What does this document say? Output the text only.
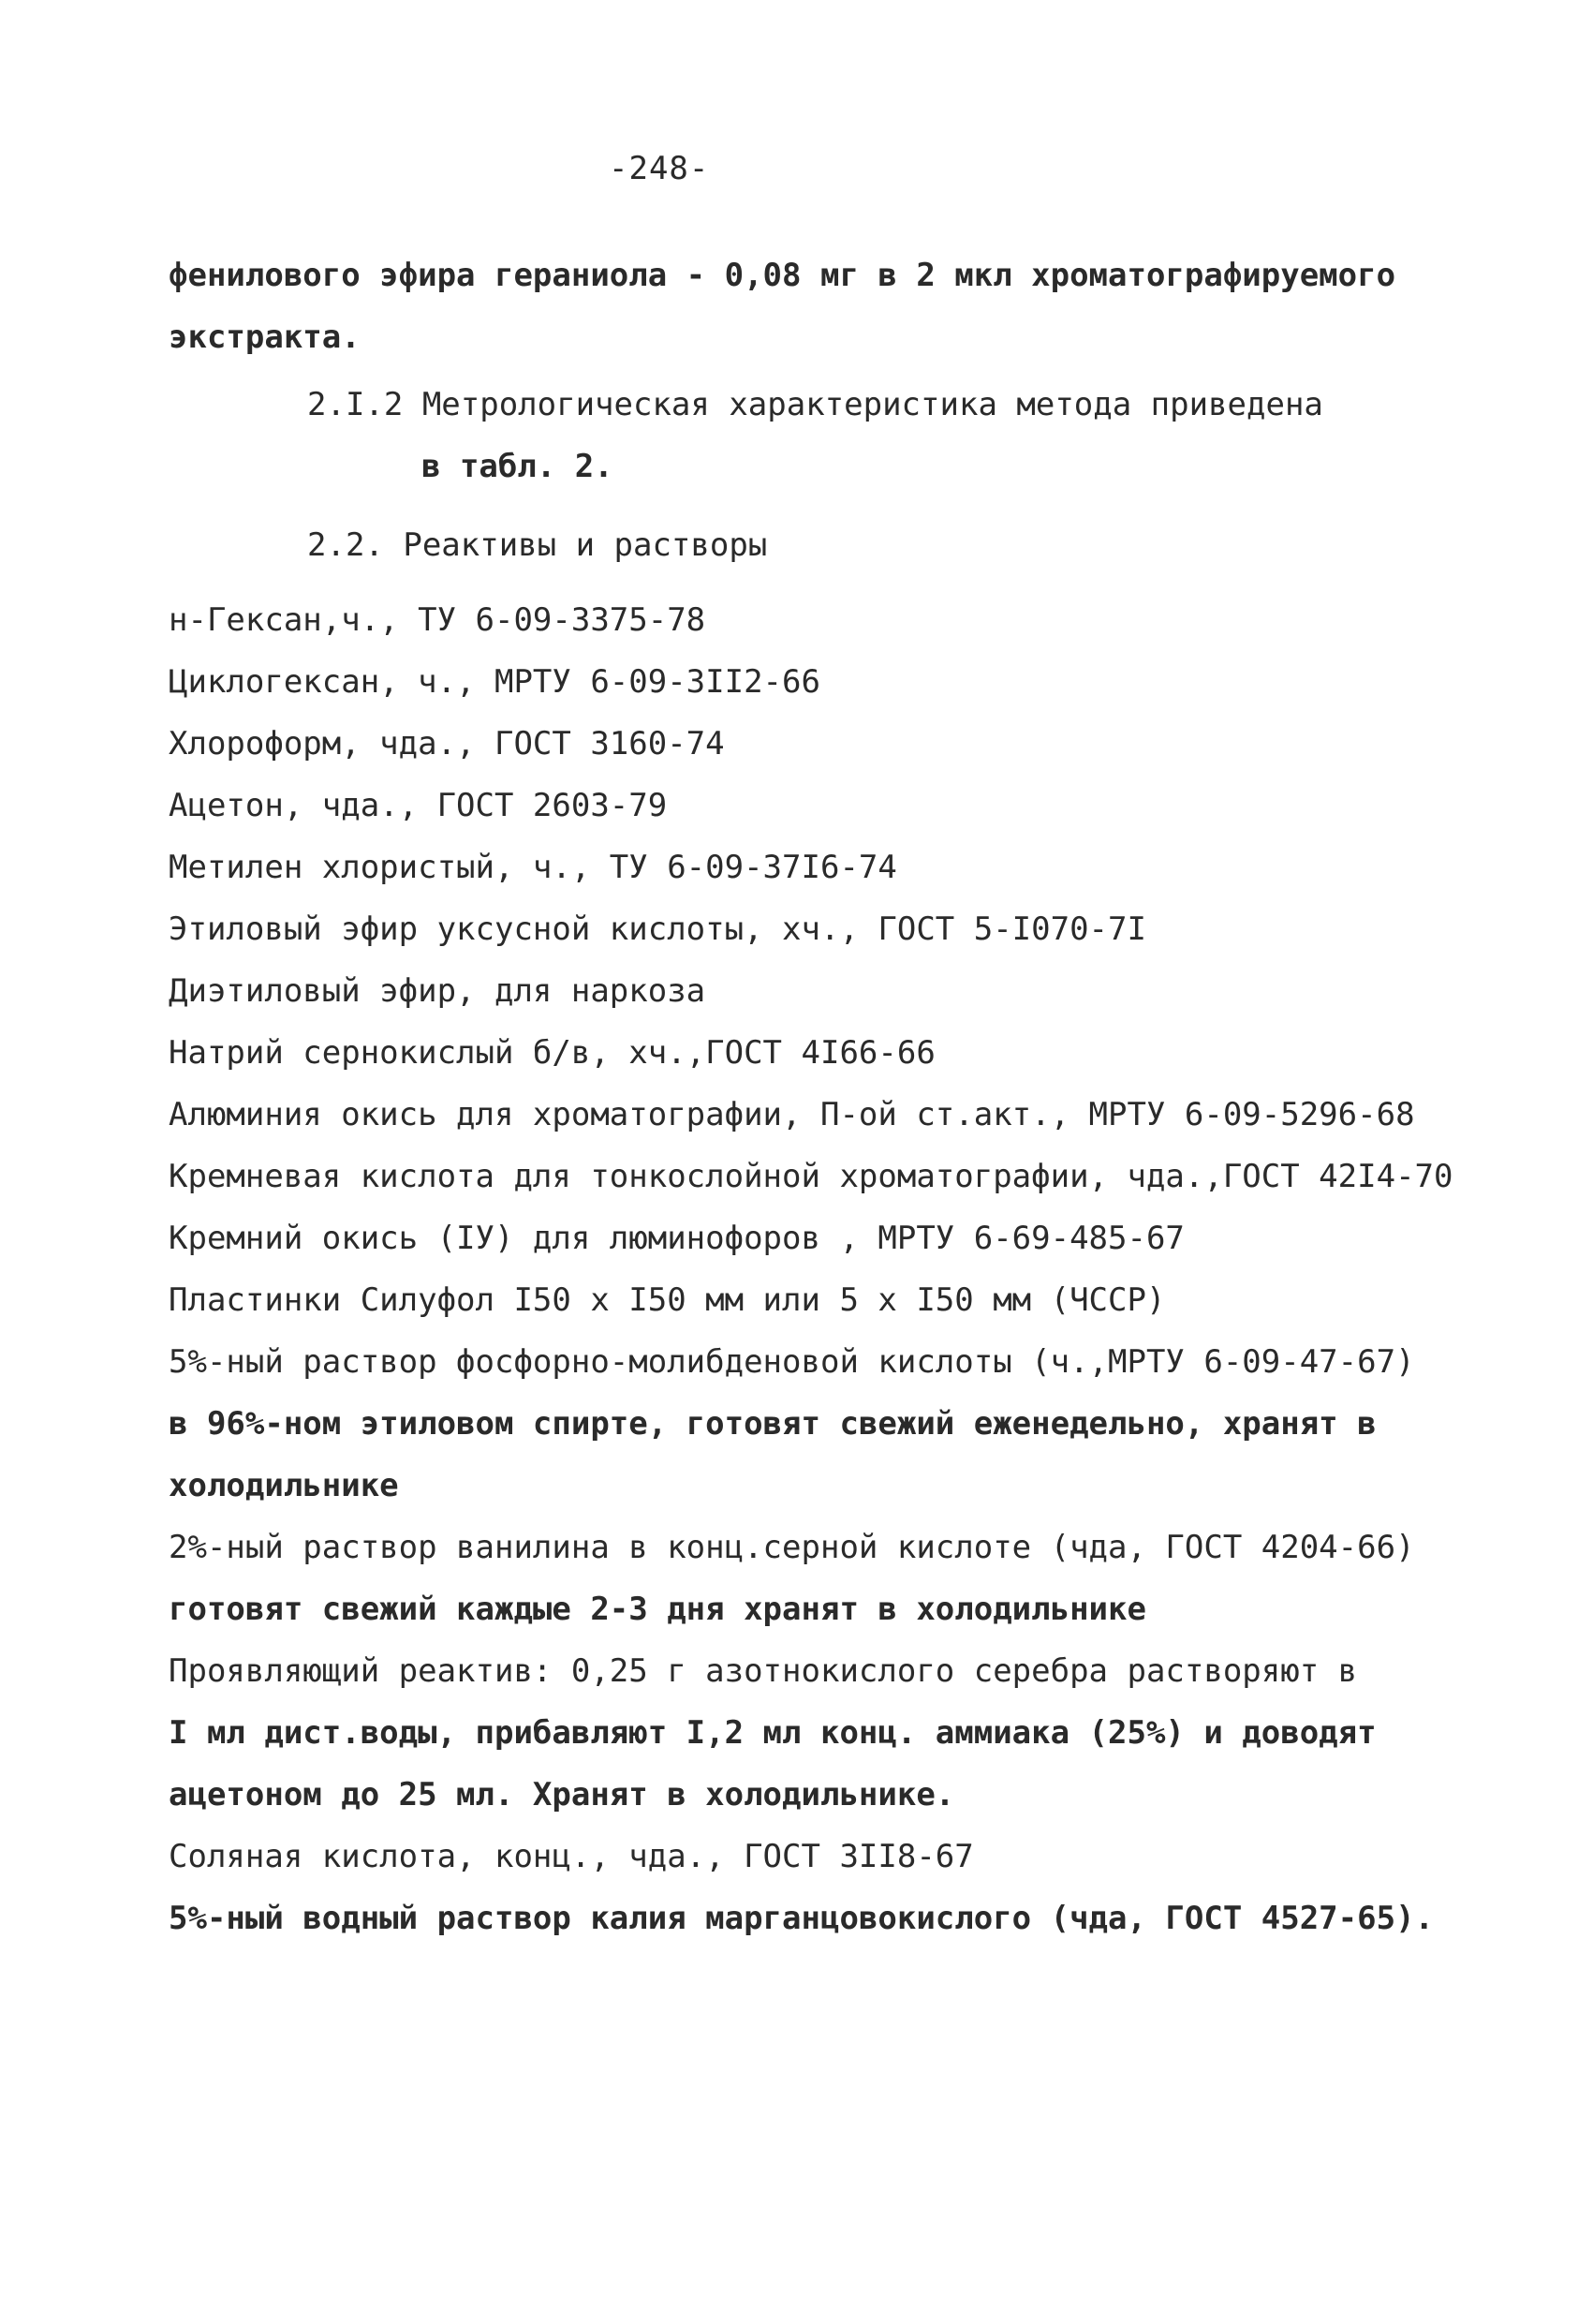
-248-
фенилового эфира гераниола - 0,08 мг в 2 мкл хроматографируемого
экстракта.
2.I.2 Метрологическая характеристика метода приведена
в табл. 2.
2.2. Реактивы и растворы
н-Гексан,ч., ТУ 6-09-3375-78
Циклогексан, ч., МРТУ 6-09-3II2-66
Хлороформ, чда., ГОСТ 3160-74
Ацетон, чда., ГОСТ 2603-79
Метилен хлористый, ч., ТУ 6-09-37I6-74
Этиловый эфир уксусной кислоты, хч., ГОСТ 5-I070-7I
Диэтиловый эфир, для наркоза
Натрий сернокислый б/в, хч.,ГОСТ 4I66-66
Алюминия окись для хроматографии, П-ой ст.акт., МРТУ 6-09-5296-68
Кремневая кислота для тонкослойной хроматографии, чда.,ГОСТ 42I4-70
Кремний окись (IУ) для люминофоров , МРТУ 6-69-485-67
Пластинки Силуфол I50 х I50 мм или 5 х I50 мм (ЧССР)
5%-ный раствор фосфорно-молибденовой кислоты (ч.,МРТУ 6-09-47-67)
в 96%-ном этиловом спирте, готовят свежий еженедельно, хранят в
холодильнике
2%-ный раствор ванилина в конц.серной кислоте (чда, ГОСТ 4204-66)
готовят свежий каждые 2-3 дня хранят в холодильнике
Проявляющий реактив: 0,25 г азотнокислого серебра растворяют в
I мл дист.воды, прибавляют I,2 мл конц. аммиака (25%) и доводят
ацетоном до 25 мл. Хранят в холодильнике.
Соляная кислота, конц., чда., ГОСТ 3II8-67
5%-ный водный раствор калия марганцовокислого (чда, ГОСТ 4527-65).
